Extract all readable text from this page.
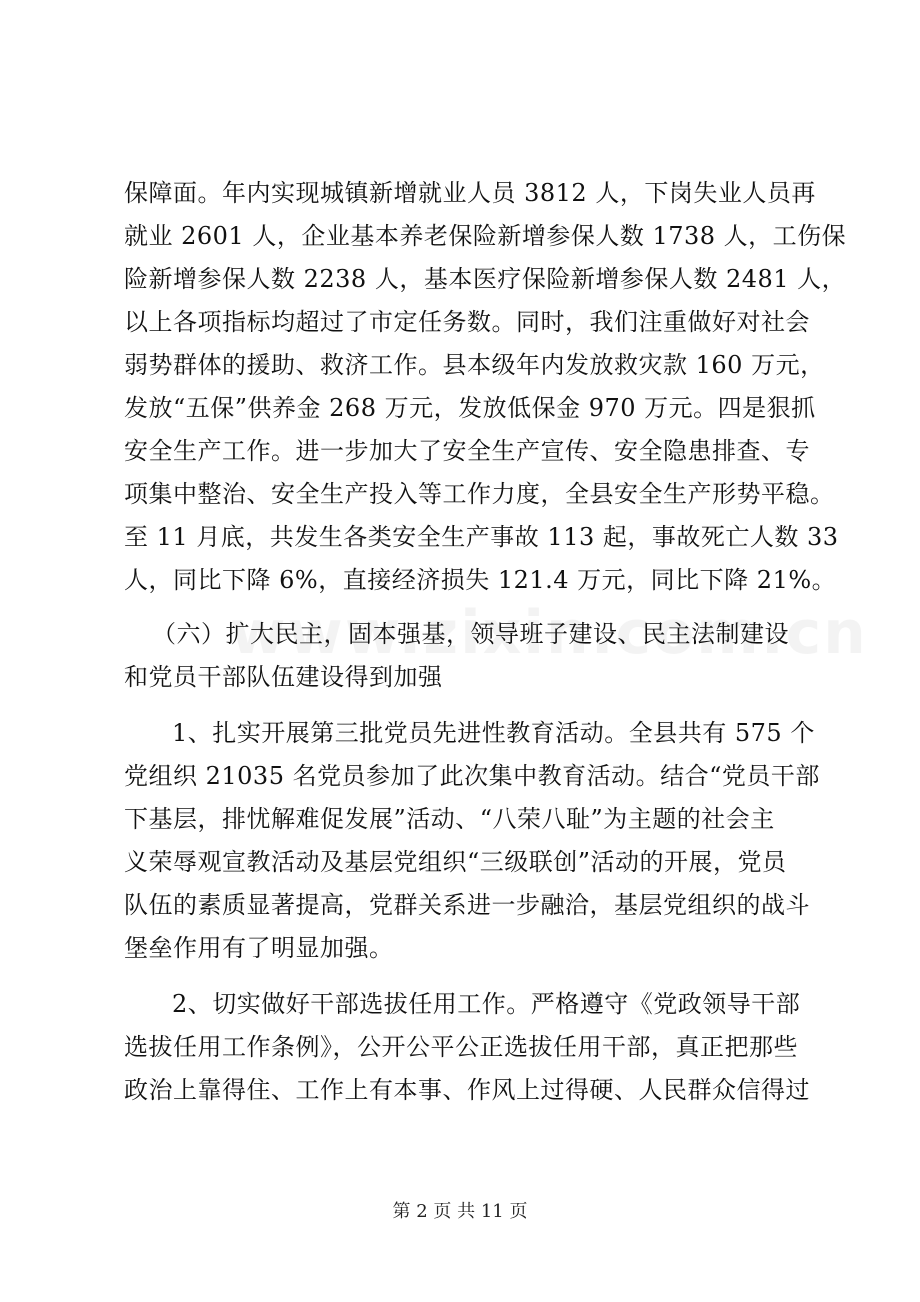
保障面。年内实现城镇新增就业人员 3812 人，下岗失业人员再
就业 2601 人，企业基本养老保险新增参保人数 1738 人，工伤保
险新增参保人数 2238 人，基本医疗保险新增参保人数 2481 人，
以上各项指标均超过了市定任务数。同时，我们注重做好对社会
弱势群体的援助、救济工作。县本级年内发放救灾款 160 万元，
发放“五保”供养金 268 万元，发放低保金 970 万元。四是狠抓
安全生产工作。进一步加大了安全生产宣传、安全隐患排查、专
项集中整治、安全生产投入等工作力度，全县安全生产形势平稳。
至 11 月底，共发生各类安全生产事故 113 起，事故死亡人数 33
人，同比下降 6%，直接经济损失 121.4 万元，同比下降 21%。
（六）扩大民主，固本强基，领导班子建设、民主法制建设
和党员干部队伍建设得到加强
1、扎实开展第三批党员先进性教育活动。全县共有 575 个
党组织 21035 名党员参加了此次集中教育活动。结合“党员干部
下基层，排忧解难促发展”活动、“八荣八耻”为主题的社会主
义荣辱观宣教活动及基层党组织“三级联创”活动的开展，党员
队伍的素质显著提高，党群关系进一步融洽，基层党组织的战斗
堡垒作用有了明显加强。
2、切实做好干部选拔任用工作。严格遵守《党政领导干部
选拔任用工作条例》，公开公平公正选拔任用干部，真正把那些
政治上靠得住、工作上有本事、作风上过得硬、人民群众信得过
第 2 页 共 11 页
